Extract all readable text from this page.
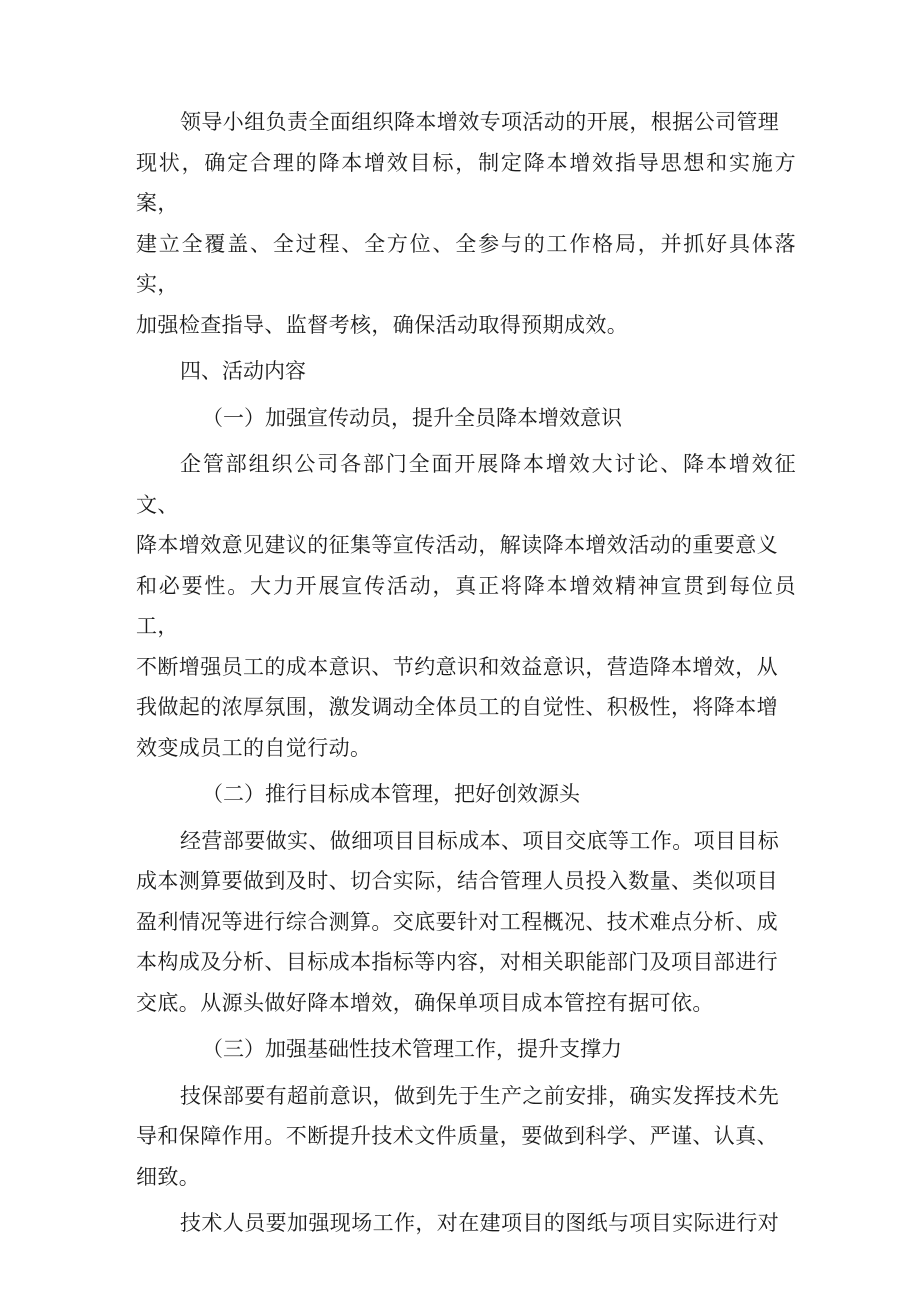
领导小组负责全面组织降本增效专项活动的开展，根据公司管理
现状，确定合理的降本增效目标，制定降本增效指导思想和实施方案，
建立全覆盖、全过程、全方位、全参与的工作格局，并抓好具体落实，
加强检查指导、监督考核，确保活动取得预期成效。

四、活动内容

（一）加强宣传动员，提升全员降本增效意识

企管部组织公司各部门全面开展降本增效大讨论、降本增效征文、
降本增效意见建议的征集等宣传活动，解读降本增效活动的重要意义
和必要性。大力开展宣传活动，真正将降本增效精神宣贯到每位员工，
不断增强员工的成本意识、节约意识和效益意识，营造降本增效，从
我做起的浓厚氛围，激发调动全体员工的自觉性、积极性，将降本增
效变成员工的自觉行动。

（二）推行目标成本管理，把好创效源头

经营部要做实、做细项目目标成本、项目交底等工作。项目目标
成本测算要做到及时、切合实际，结合管理人员投入数量、类似项目
盈利情况等进行综合测算。交底要针对工程概况、技术难点分析、成
本构成及分析、目标成本指标等内容，对相关职能部门及项目部进行
交底。从源头做好降本增效，确保单项目成本管控有据可依。

（三）加强基础性技术管理工作，提升支撑力

技保部要有超前意识，做到先于生产之前安排，确实发挥技术先
导和保障作用。不断提升技术文件质量，要做到科学、严谨、认真、
细致。

技术人员要加强现场工作，对在建项目的图纸与项目实际进行对
